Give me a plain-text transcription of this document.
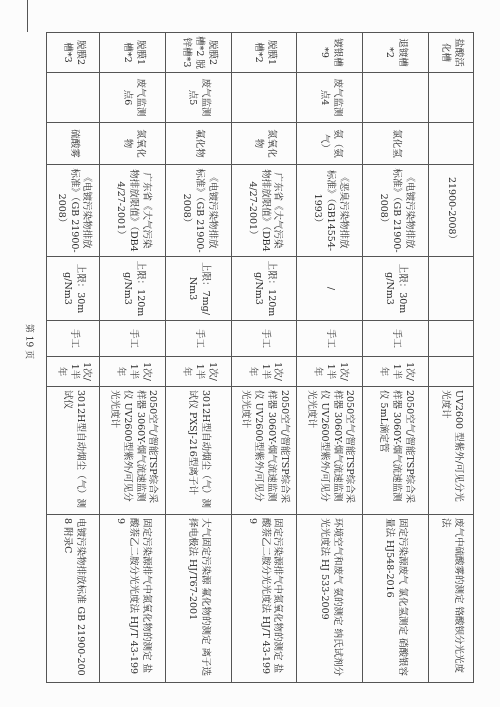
盐酸活化槽			21900-2008）				UV2600 型紫外/可见分光光度计	废气中硫酸雾的测定 铬酸钡分光光度法
退镀槽*2		氯化氢	《电镀污染物排放标准》（GB 21900-2008）	上限：30mg/Nm3	手工	1次/1半年	2050空气/智能TSP综合采样器 3060Y-烟气流速监测仪 5mL滴定管	固定污染源废气 氯化氢测定 硝酸银容量法 HJ548-2016
镀银槽*9	废气监测点4	氨（氨气）	《恶臭污染物排放标准》（GB14554-1993）	/	手工	1次/1半年	2050空气/智能TSP综合采样器 3060Y-烟气流速监测仪 UV2600型紫外/可见分光光度计	环境空气和废气 氨的测定 纳氏试剂分光光度法 HJ 533-2009
脱膜1槽*2		氮氧化物	广东省《大气污染物排放限值》（DB44/27-2001）	上限：120mg/Nm3	手工	1次/1半年	2050空气/智能TSP综合采样器 3060Y-烟气流速监测仪 UV2600型紫外/可见分光光度计	固定污染源排气中氮氧化物的测定 盐酸萘乙二胺分光光度法 HJ/T 43-1999
脱膜2槽*2 脱锌槽*3	废气监测点5	氟化物	《电镀污染物排放标准》（GB 21900-2008）	上限：7mg/Nm3	手工	1次/1半年	3012H型自动烟尘（气）测试仪 PXSJ-216型离子计	大气固定污染源 氟化物的测定 离子选择电极法 HJ/T67-2001
脱膜1槽*2	废气监测点6	氮氧化物	广东省《大气污染物排放限值》（DB44/27-2001）	上限：120mg/Nm3	手工	1次/1半年	2050空气/智能TSP综合采样器 3060Y-烟气流速监测仪 UV2600型紫外/可见分光光度计	固定污染源排气中氮氧化物的测定 盐酸萘乙二胺分光光度法 HJ/T 43-1999
脱膜2槽*3		硫酸雾	《电镀污染物排放标准》（GB 21900-2008）	上限：30mg/Nm3	手工	1次/1半年	3012H型自动烟尘（气）测试仪	电镀污染物排放标准 GB 21900-2008 附录C
第 19 页
